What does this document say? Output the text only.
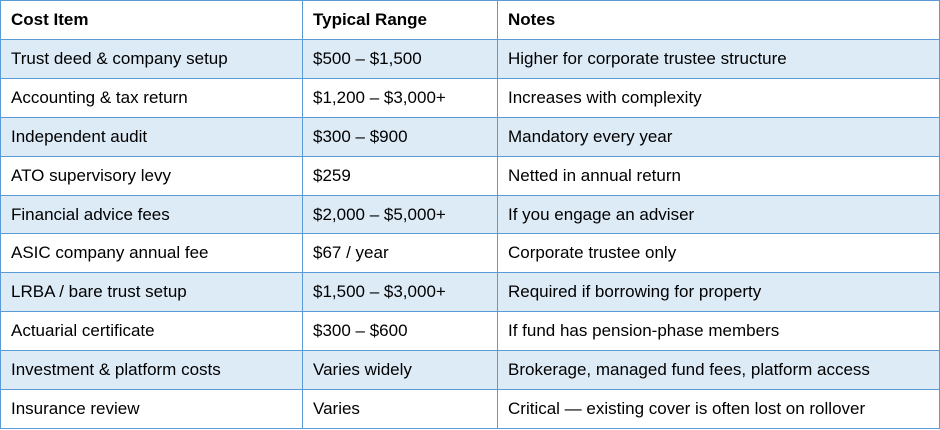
Cost Item	Typical Range	Notes
Trust deed & company setup	$500 – $1,500	Higher for corporate trustee structure
Accounting & tax return	$1,200 – $3,000+	Increases with complexity
Independent audit	$300 – $900	Mandatory every year
ATO supervisory levy	$259	Netted in annual return
Financial advice fees	$2,000 – $5,000+	If you engage an adviser
ASIC company annual fee	$67 / year	Corporate trustee only
LRBA / bare trust setup	$1,500 – $3,000+	Required if borrowing for property
Actuarial certificate	$300 – $600	If fund has pension-phase members
Investment & platform costs	Varies widely	Brokerage, managed fund fees, platform access
Insurance review	Varies	Critical — existing cover is often lost on rollover
